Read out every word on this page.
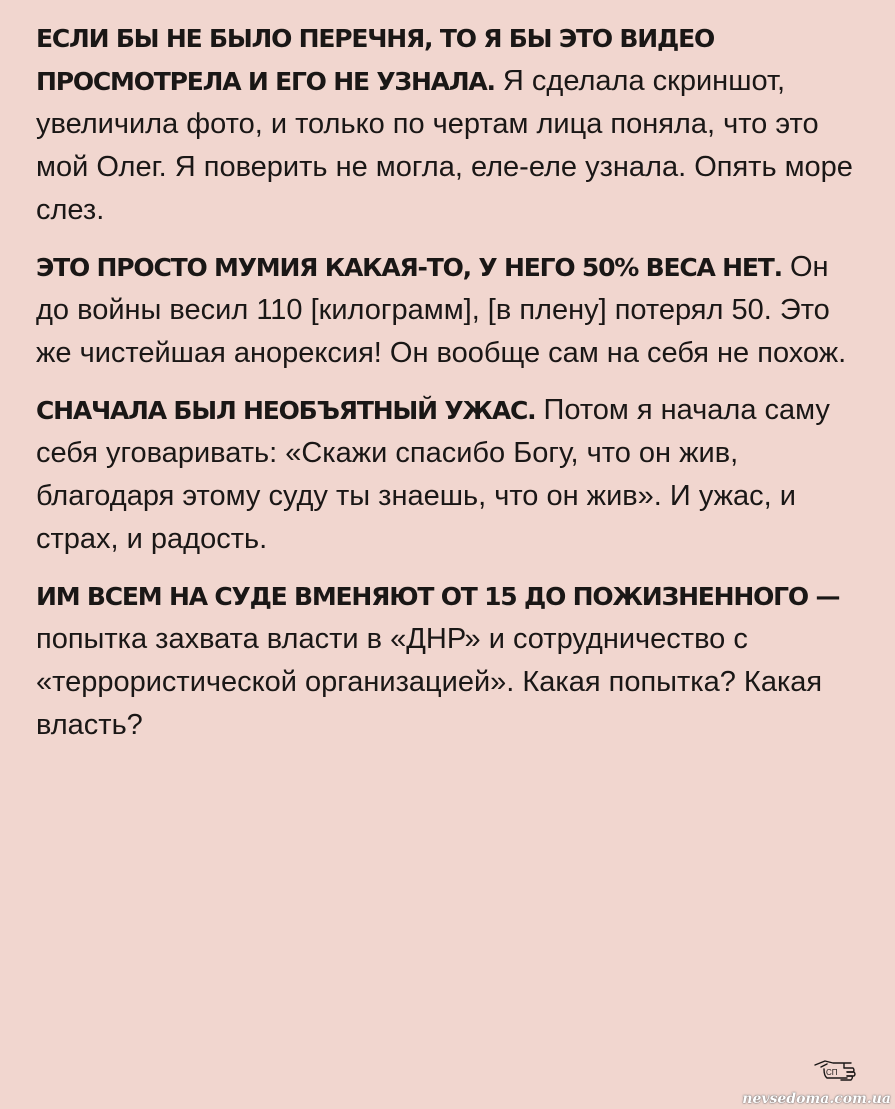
ЕСЛИ БЫ НЕ БЫЛО ПЕРЕЧНЯ, ТО Я БЫ ЭТО ВИДЕО ПРОСМОТРЕЛА И ЕГО НЕ УЗНАЛА. Я сделала скриншот, увеличила фото, и только по чертам лица поняла, что это мой Олег. Я поверить не могла, еле-еле узнала. Опять море слез.

ЭТО ПРОСТО МУМИЯ КАКАЯ-ТО, У НЕГО 50% ВЕСА НЕТ. Он до войны весил 110 [килограмм], [в плену] потерял 50. Это же чистейшая анорексия! Он вообще сам на себя не похож.

СНАЧАЛА БЫЛ НЕОБЪЯТНЫЙ УЖАС. Потом я начала саму себя уговаривать: «Скажи спасибо Богу, что он жив, благодаря этому суду ты знаешь, что он жив». И ужас, и страх, и радость.

ИМ ВСЕМ НА СУДЕ ВМЕНЯЮТ ОТ 15 ДО ПОЖИЗНЕННОГО — попытка захвата власти в «ДНР» и сотрудничество с «террористической организацией». Какая попытка? Какая власть?

СП
nevsedoma.com.ua
